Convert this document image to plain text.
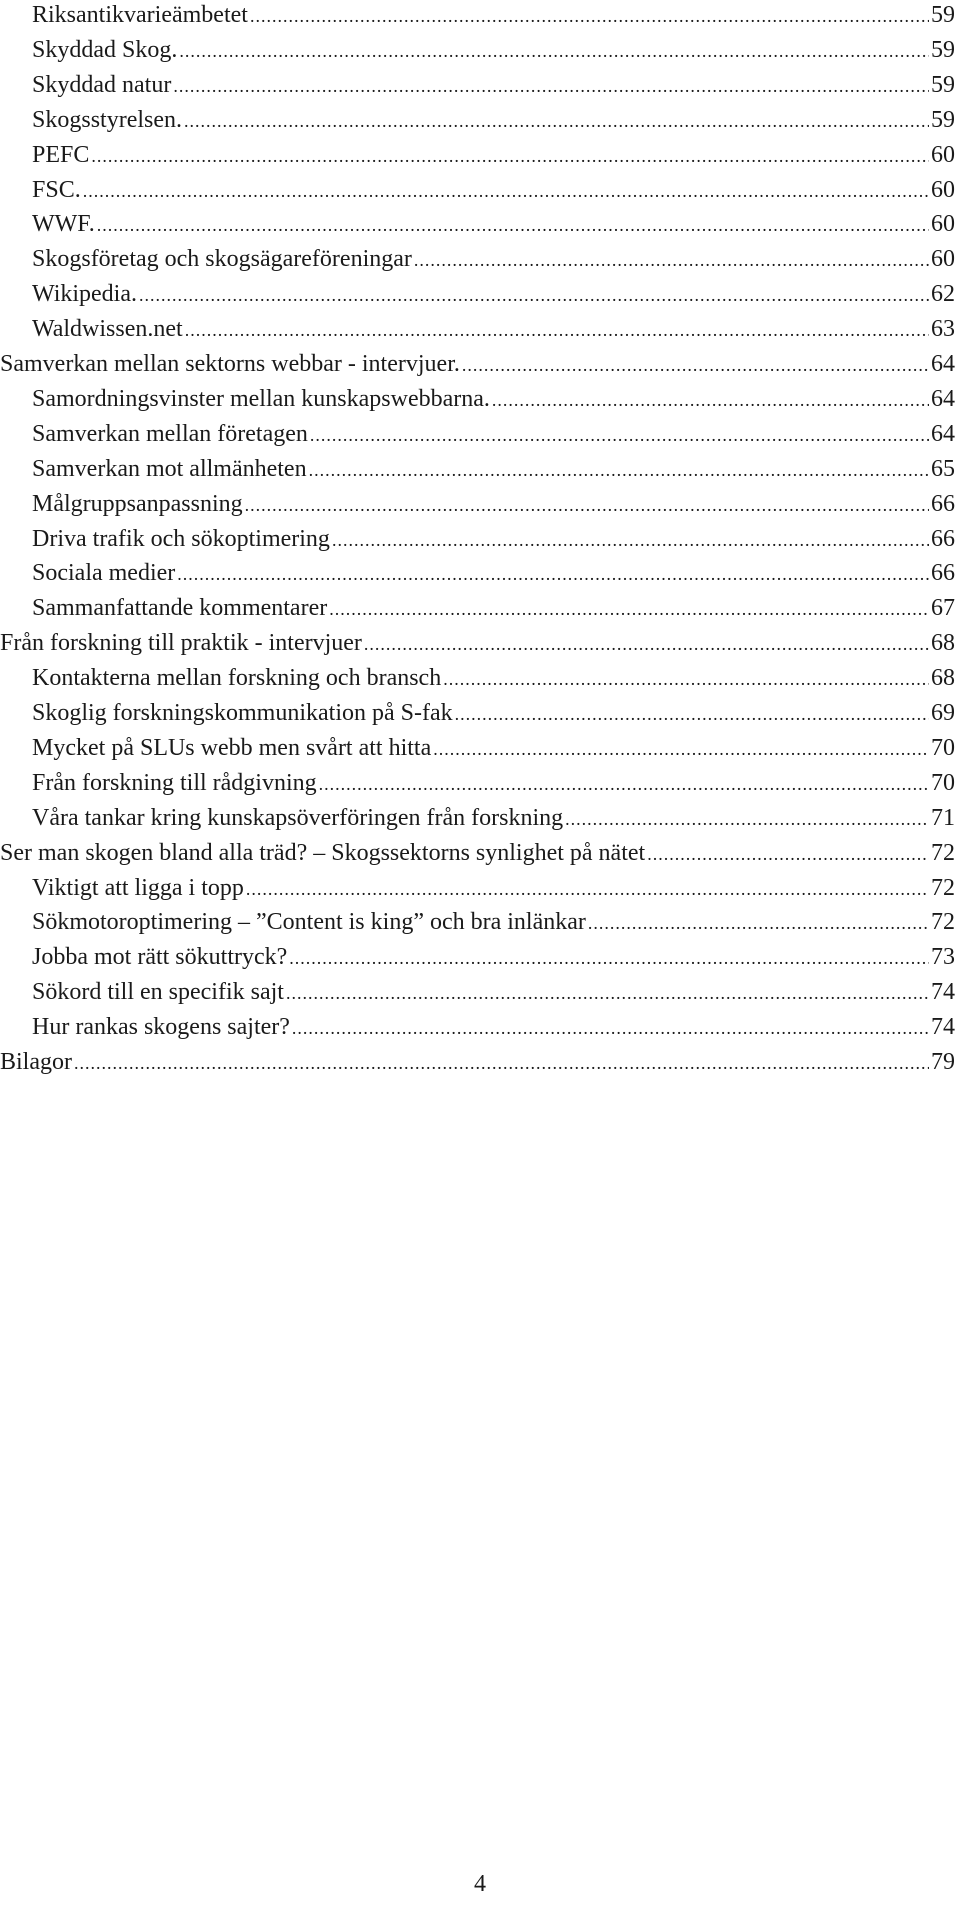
Riksantikvarieämbetet .....	59
Skyddad Skog. .....	59
Skyddad natur .....	59
Skogsstyrelsen. .....	59
PEFC .....	60
FSC. .....	60
WWF. .....	60
Skogsföretag och skogsägareföreningar .....	60
Wikipedia. .....	62
Waldwissen.net .....	63
Samverkan mellan sektorns webbar - intervjuer. .....	64
Samordningsvinster mellan kunskapswebbarna. .....	64
Samverkan mellan företagen .....	64
Samverkan mot allmänheten .....	65
Målgruppsanpassning .....	66
Driva trafik och sökoptimering .....	66
Sociala medier .....	66
Sammanfattande kommentarer .....	67
Från forskning till praktik - intervjuer .....	68
Kontakterna mellan forskning och bransch .....	68
Skoglig forskningskommunikation på S-fak .....	69
Mycket på SLUs webb men svårt att hitta .....	70
Från forskning till rådgivning .....	70
Våra tankar kring kunskapsöverföringen från forskning .....	71
Ser man skogen bland alla träd? – Skogssektorns synlighet på nätet .....	72
Viktigt att ligga i topp .....	72
Sökmotoroptimering – ”Content is king” och bra inlänkar .....	72
Jobba mot rätt sökuttryck? .....	73
Sökord till en specifik sajt .....	74
Hur rankas skogens sajter? .....	74
Bilagor .....	79
4
